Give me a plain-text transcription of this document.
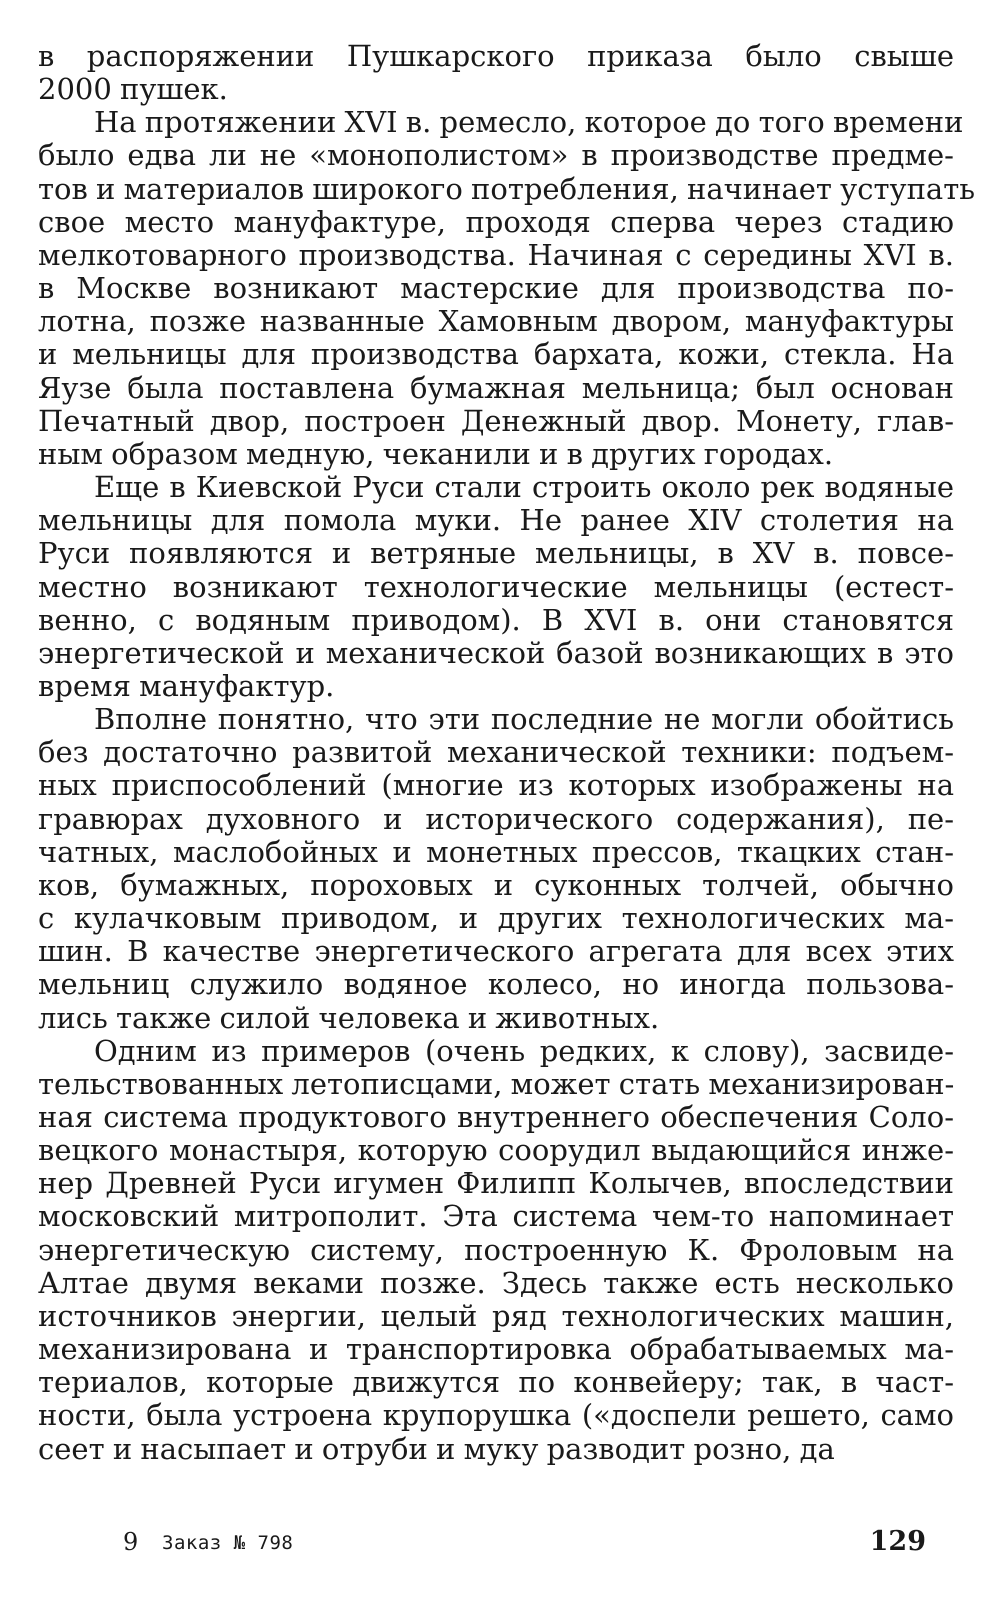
в распоряжении Пушкарского приказа было свыше
2000 пушек.
На протяжении XVI в. ремесло, которое до того времени
было едва ли не «монополистом» в производстве предме-
тов и материалов широкого потребления, начинает уступать
свое место мануфактуре, проходя сперва через стадию
мелкотоварного производства. Начиная с середины XVI в.
в Москве возникают мастерские для производства по-
лотна, позже названные Хамовным двором, мануфактуры
и мельницы для производства бархата, кожи, стекла. На
Яузе была поставлена бумажная мельница; был основан
Печатный двор, построен Денежный двор. Монету, глав-
ным образом медную, чеканили и в других городах.
Еще в Киевской Руси стали строить около рек водяные
мельницы для помола муки. Не ранее XIV столетия на
Руси появляются и ветряные мельницы, в XV в. повсе-
местно возникают технологические мельницы (естест-
венно, с водяным приводом). В XVI в. они становятся
энергетической и механической базой возникающих в это
время мануфактур.
Вполне понятно, что эти последние не могли обойтись
без достаточно развитой механической техники: подъем-
ных приспособлений (многие из которых изображены на
гравюрах духовного и исторического содержания), пе-
чатных, маслобойных и монетных прессов, ткацких стан-
ков, бумажных, пороховых и суконных толчей, обычно
с кулачковым приводом, и других технологических ма-
шин. В качестве энергетического агрегата для всех этих
мельниц служило водяное колесо, но иногда пользова-
лись также силой человека и животных.
Одним из примеров (очень редких, к слову), засвиде-
тельствованных летописцами, может стать механизирован-
ная система продуктового внутреннего обеспечения Соло-
вецкого монастыря, которую соорудил выдающийся инже-
нер Древней Руси игумен Филипп Колычев, впоследствии
московский митрополит. Эта система чем-то напоминает
энергетическую систему, построенную К. Фроловым на
Алтае двумя веками позже. Здесь также есть несколько
источников энергии, целый ряд технологических машин,
механизирована и транспортировка обрабатываемых ма-
териалов, которые движутся по конвейеру; так, в част-
ности, была устроена крупорушка («доспели решето, само
сеет и насыпает и отруби и муку разводит розно, да
9 Заказ № 798	129
